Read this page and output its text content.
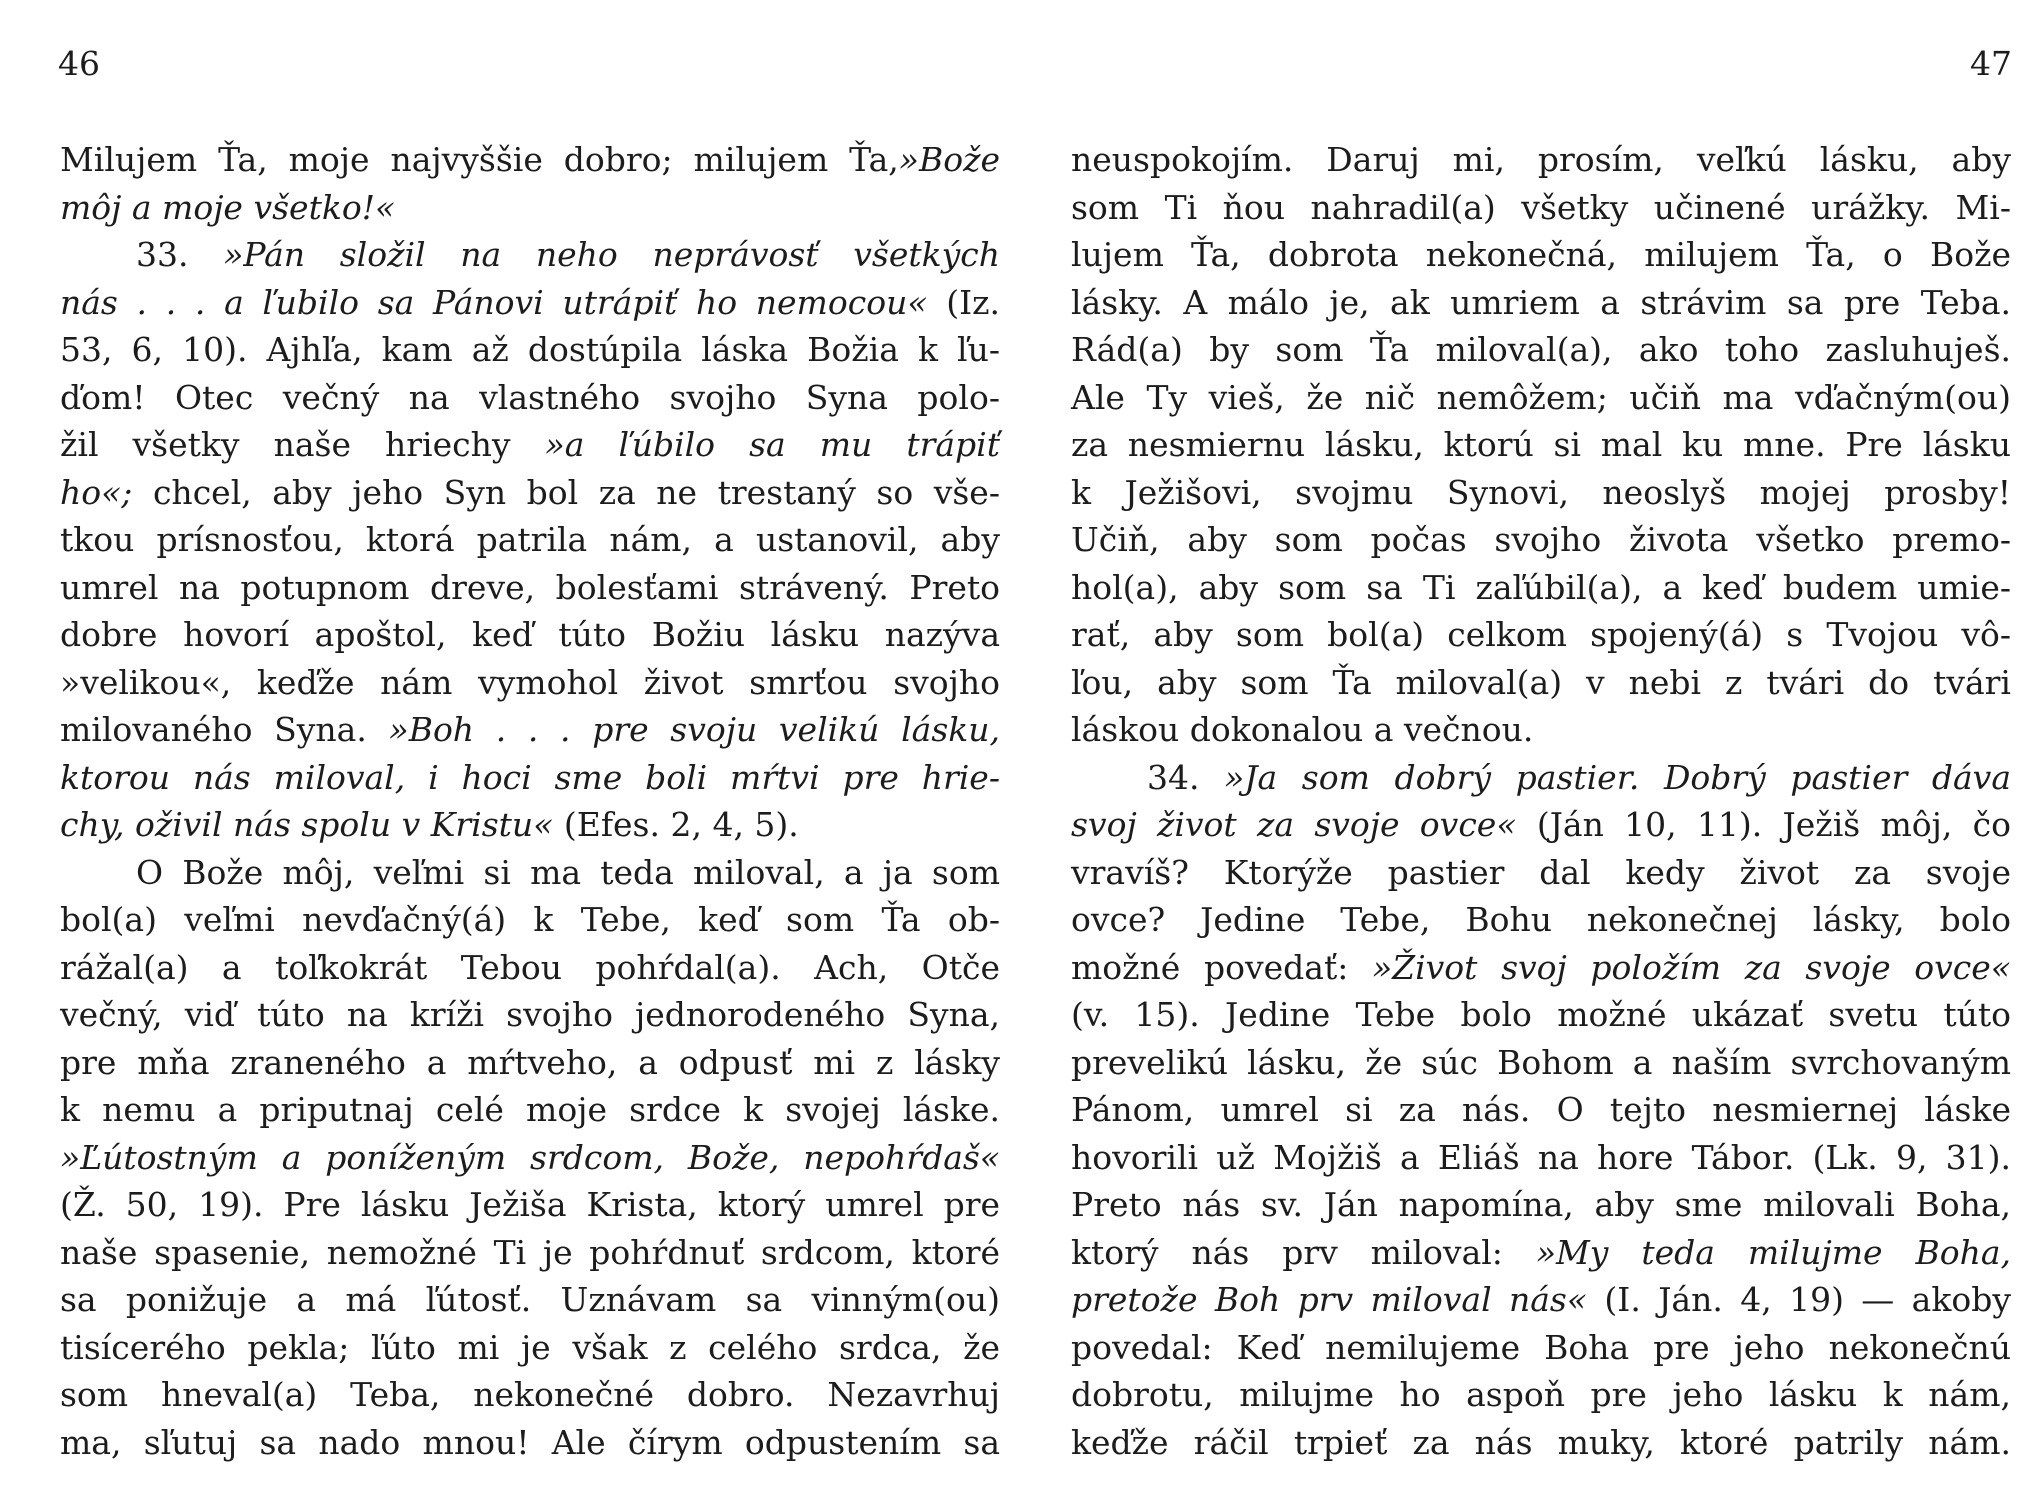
46
Milujem Ťa, moje najvyššie dobro; milujem Ťa,»Bože
môj a moje všetko!«
33. »Pán složil na neho neprávosť všetkých
nás . . . a ľubilo sa Pánovi utrápiť ho nemocou« (Iz.
53, 6, 10). Ajhľa, kam až dostúpila láska Božia k ľu-
ďom! Otec večný na vlastného svojho Syna polo-
žil všetky naše hriechy »a ľúbilo sa mu trápiť
ho«; chcel, aby jeho Syn bol za ne trestaný so vše-
tkou prísnosťou, ktorá patrila nám, a ustanovil, aby
umrel na potupnom dreve, bolesťami strávený. Preto
dobre hovorí apoštol, keď túto Božiu lásku nazýva
»velikou«, keďže nám vymohol život smrťou svojho
milovaného Syna. »Boh . . . pre svoju velikú lásku,
ktorou nás miloval, i hoci sme boli mŕtvi pre hrie-
chy, oživil nás spolu v Kristu« (Efes. 2, 4, 5).
O Bože môj, veľmi si ma teda miloval, a ja som
bol(a) veľmi nevďačný(á) k Tebe, keď som Ťa ob-
rážal(a) a toľkokrát Tebou pohŕdal(a). Ach, Otče
večný, viď túto na kríži svojho jednorodeného Syna,
pre mňa zraneného a mŕtveho, a odpusť mi z lásky
k nemu a priputnaj celé moje srdce k svojej láske.
»Ľútostným a poníženým srdcom, Bože, nepohŕdaš«
(Ž. 50, 19). Pre lásku Ježiša Krista, ktorý umrel pre
naše spasenie, nemožné Ti je pohŕdnuť srdcom, ktoré
sa ponižuje a má ľútosť. Uznávam sa vinným(ou)
tisícerého pekla; ľúto mi je však z celého srdca, že
som hneval(a) Teba, nekonečné dobro. Nezavrhuj
ma, sľutuj sa nado mnou! Ale čírym odpustením sa
47
neuspokojím. Daruj mi, prosím, veľkú lásku, aby
som Ti ňou nahradil(a) všetky učinené urážky. Mi-
lujem Ťa, dobrota nekonečná, milujem Ťa, o Bože
lásky. A málo je, ak umriem a strávim sa pre Teba.
Rád(a) by som Ťa miloval(a), ako toho zasluhuješ.
Ale Ty vieš, že nič nemôžem; učiň ma vďačným(ou)
za nesmiernu lásku, ktorú si mal ku mne. Pre lásku
k Ježišovi, svojmu Synovi, neoslyš mojej prosby!
Učiň, aby som počas svojho života všetko premo-
hol(a), aby som sa Ti zaľúbil(a), a keď budem umie-
rať, aby som bol(a) celkom spojený(á) s Tvojou vô-
ľou, aby som Ťa miloval(a) v nebi z tvári do tvári
láskou dokonalou a večnou.
34. »Ja som dobrý pastier. Dobrý pastier dáva
svoj život za svoje ovce« (Ján 10, 11). Ježiš môj, čo
vravíš? Ktorýže pastier dal kedy život za svoje
ovce? Jedine Tebe, Bohu nekonečnej lásky, bolo
možné povedať: »Život svoj položím za svoje ovce«
(v. 15). Jedine Tebe bolo možné ukázať svetu túto
prevelikú lásku, že súc Bohom a naším svrchovaným
Pánom, umrel si za nás. O tejto nesmiernej láske
hovorili už Mojžiš a Eliáš na hore Tábor. (Lk. 9, 31).
Preto nás sv. Ján napomína, aby sme milovali Boha,
ktorý nás prv miloval: »My teda milujme Boha,
pretože Boh prv miloval nás« (I. Ján. 4, 19) — akoby
povedal: Keď nemilujeme Boha pre jeho nekonečnú
dobrotu, milujme ho aspoň pre jeho lásku k nám,
keďže ráčil trpieť za nás muky, ktoré patrily nám.
